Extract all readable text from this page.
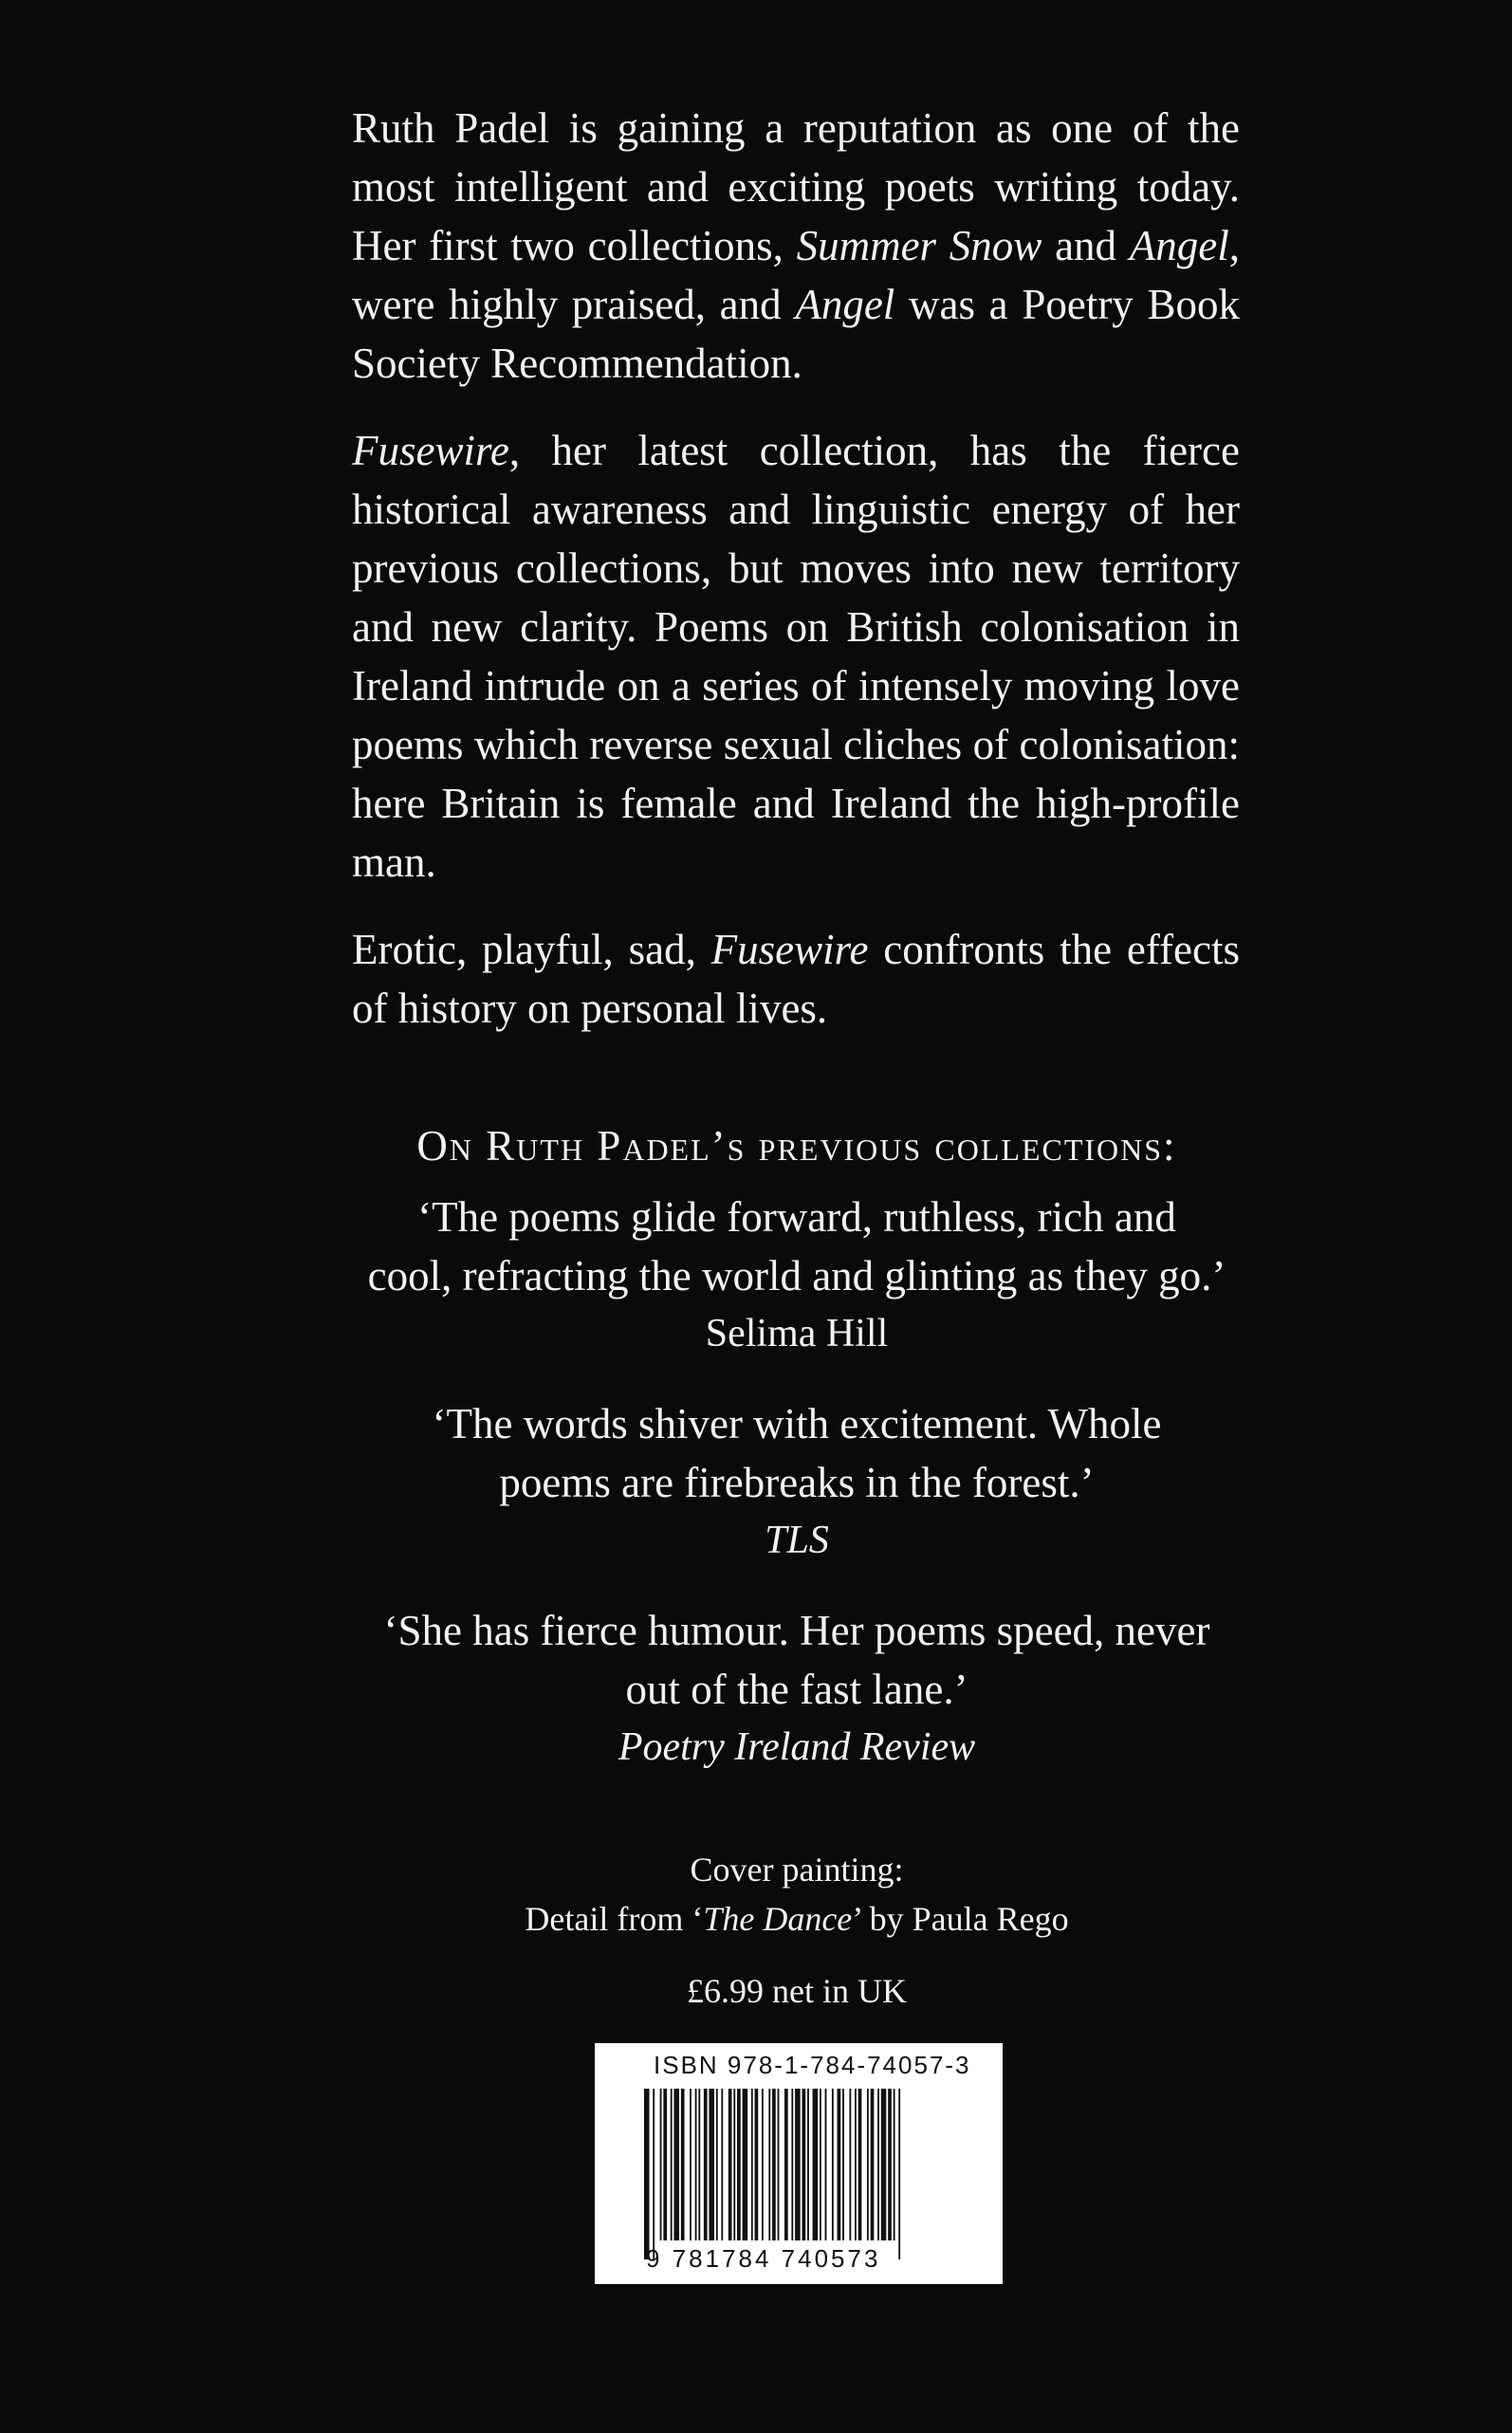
Ruth Padel is gaining a reputation as one of the most intelligent and exciting poets writing today. Her first two collections, Summer Snow and Angel, were highly praised, and Angel was a Poetry Book Society Recommendation.

Fusewire, her latest collection, has the fierce historical awareness and linguistic energy of her previous collections, but moves into new territory and new clarity. Poems on British colonisation in Ireland intrude on a series of intensely moving love poems which reverse sexual cliches of colonisation: here Britain is female and Ireland the high-profile man.

Erotic, playful, sad, Fusewire confronts the effects of history on personal lives.

On Ruth Padel’s previous collections:
‘The poems glide forward, ruthless, rich and
cool, refracting the world and glinting as they go.’
Selima Hill
‘The words shiver with excitement. Whole
poems are firebreaks in the forest.’
TLS
‘She has fierce humour. Her poems speed, never
out of the fast lane.’
Poetry Ireland Review
Cover painting:
Detail from ‘The Dance’ by Paula Rego
£6.99 net in UK
ISBN 978-1-784-74057-3
9 781784 740573
